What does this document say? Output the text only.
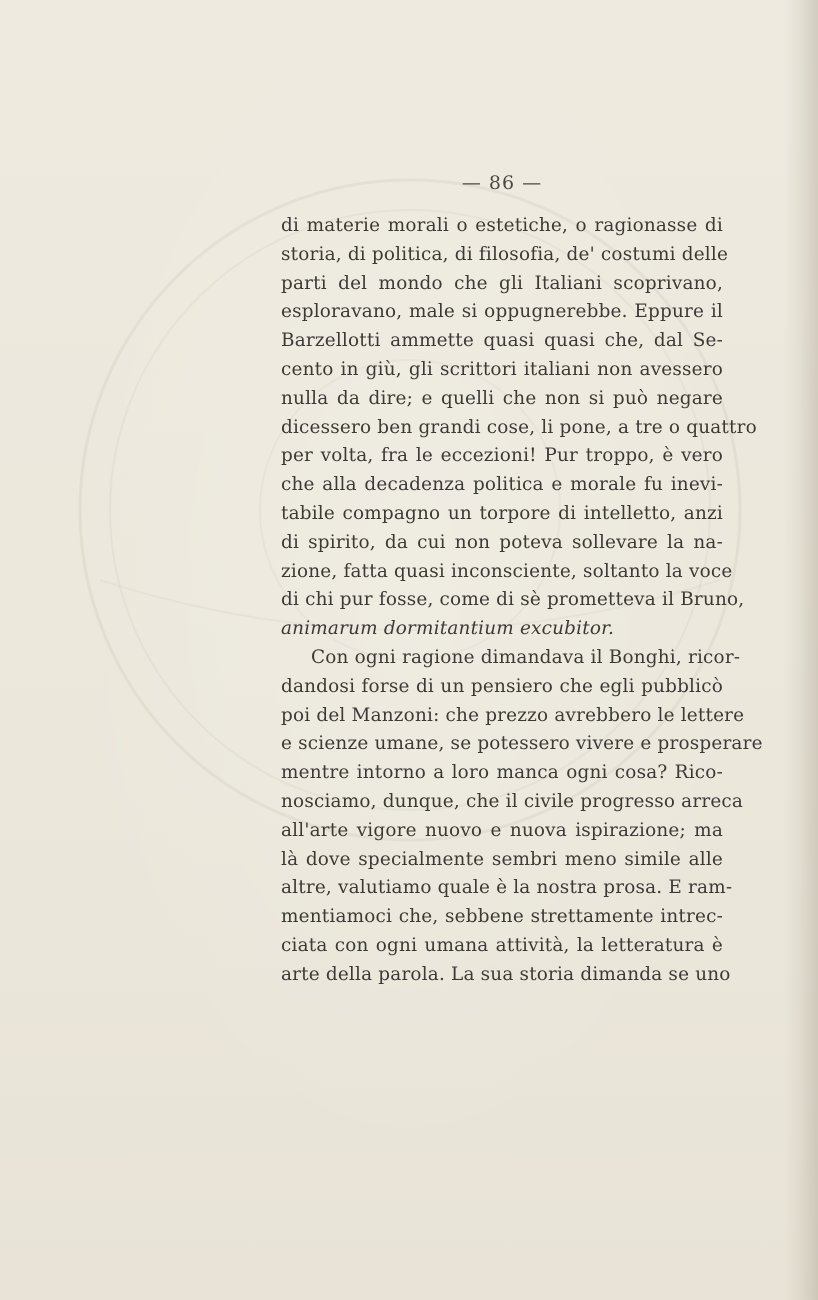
— 86 —
di materie morali o estetiche, o ragionasse di
storia, di politica, di filosofia, de' costumi delle
parti del mondo che gli Italiani scoprivano,
esploravano, male si oppugnerebbe. Eppure il
Barzellotti ammette quasi quasi che, dal Se-
cento in giù, gli scrittori italiani non avessero
nulla da dire; e quelli che non si può negare
dicessero ben grandi cose, li pone, a tre o quattro
per volta, fra le eccezioni! Pur troppo, è vero
che alla decadenza politica e morale fu inevi-
tabile compagno un torpore di intelletto, anzi
di spirito, da cui non poteva sollevare la na-
zione, fatta quasi inconsciente, soltanto la voce
di chi pur fosse, come di sè prometteva il Bruno,
animarum dormitantium excubitor.
Con ogni ragione dimandava il Bonghi, ricor-
dandosi forse di un pensiero che egli pubblicò
poi del Manzoni: che prezzo avrebbero le lettere
e scienze umane, se potessero vivere e prosperare
mentre intorno a loro manca ogni cosa? Rico-
nosciamo, dunque, che il civile progresso arreca
all'arte vigore nuovo e nuova ispirazione; ma
là dove specialmente sembri meno simile alle
altre, valutiamo quale è la nostra prosa. E ram-
mentiamoci che, sebbene strettamente intrec-
ciata con ogni umana attività, la letteratura è
arte della parola. La sua storia dimanda se uno
